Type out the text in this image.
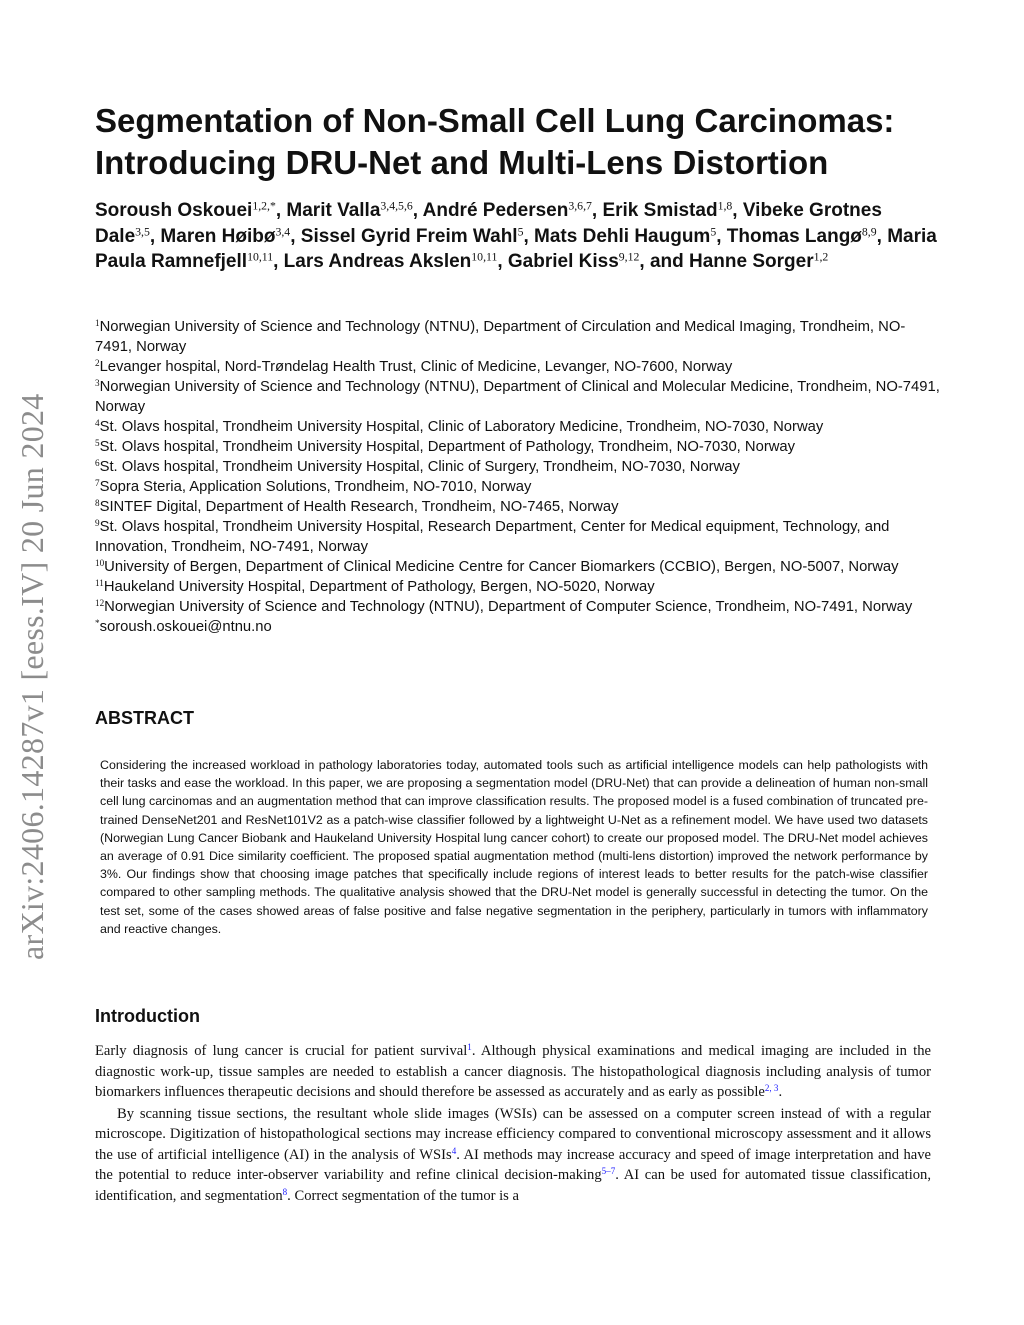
arXiv:2406.14287v1 [eess.IV] 20 Jun 2024
Segmentation of Non-Small Cell Lung Carcinomas:
Introducing DRU-Net and Multi-Lens Distortion
Soroush Oskouei$^{1,2,*}$, Marit Valla$^{3,4,5,6}$, André Pedersen$^{3,6,7}$, Erik Smistad$^{1,8}$, Vibeke Grotnes Dale$^{3,5}$, Maren Høibø$^{3,4}$, Sissel Gyrid Freim Wahl$^5$, Mats Dehli Haugum$^5$, Thomas Langø$^{8,9}$, Maria Paula Ramnefjell$^{10,11}$, Lars Andreas Akslen$^{10,11}$, Gabriel Kiss$^{9,12}$, and Hanne Sorger$^{1,2}$

$^1$Norwegian University of Science and Technology (NTNU), Department of Circulation and Medical Imaging, Trondheim, NO-7491, Norway

$^2$Levanger hospital, Nord-Trøndelag Health Trust, Clinic of Medicine, Levanger, NO-7600, Norway

$^3$Norwegian University of Science and Technology (NTNU), Department of Clinical and Molecular Medicine, Trondheim, NO-7491, Norway

$^4$St. Olavs hospital, Trondheim University Hospital, Clinic of Laboratory Medicine, Trondheim, NO-7030, Norway

$^5$St. Olavs hospital, Trondheim University Hospital, Department of Pathology, Trondheim, NO-7030, Norway

$^6$St. Olavs hospital, Trondheim University Hospital, Clinic of Surgery, Trondheim, NO-7030, Norway

$^7$Sopra Steria, Application Solutions, Trondheim, NO-7010, Norway

$^8$SINTEF Digital, Department of Health Research, Trondheim, NO-7465, Norway

$^9$St. Olavs hospital, Trondheim University Hospital, Research Department, Center for Medical equipment, Technology, and Innovation, Trondheim, NO-7491, Norway

$^{10}$University of Bergen, Department of Clinical Medicine Centre for Cancer Biomarkers (CCBIO), Bergen, NO-5007, Norway

$^{11}$Haukeland University Hospital, Department of Pathology, Bergen, NO-5020, Norway

$^{12}$Norwegian University of Science and Technology (NTNU), Department of Computer Science, Trondheim, NO-7491, Norway

*soroush.oskouei@ntnu.no

ABSTRACT

Considering the increased workload in pathology laboratories today, automated tools such as artificial intelligence models can help pathologists with their tasks and ease the workload. In this paper, we are proposing a segmentation model (DRU-Net) that can provide a delineation of human non-small cell lung carcinomas and an augmentation method that can improve classification results. The proposed model is a fused combination of truncated pre-trained DenseNet201 and ResNet101V2 as a patch-wise classifier followed by a lightweight U-Net as a refinement model. We have used two datasets (Norwegian Lung Cancer Biobank and Haukeland University Hospital lung cancer cohort) to create our proposed model. The DRU-Net model achieves an average of 0.91 Dice similarity coefficient. The proposed spatial augmentation method (multi-lens distortion) improved the network performance by 3%. Our findings show that choosing image patches that specifically include regions of interest leads to better results for the patch-wise classifier compared to other sampling methods. The qualitative analysis showed that the DRU-Net model is generally successful in detecting the tumor. On the test set, some of the cases showed areas of false positive and false negative segmentation in the periphery, particularly in tumors with inflammatory and reactive changes.

Introduction

Early diagnosis of lung cancer is crucial for patient survival$^1$. Although physical examinations and medical imaging are included in the diagnostic work-up, tissue samples are needed to establish a cancer diagnosis. The histopathological diagnosis including analysis of tumor biomarkers influences therapeutic decisions and should therefore be assessed as accurately and as early as possible$^{2, 3}$.

By scanning tissue sections, the resultant whole slide images (WSIs) can be assessed on a computer screen instead of with a regular microscope. Digitization of histopathological sections may increase efficiency compared to conventional microscopy assessment and it allows the use of artificial intelligence (AI) in the analysis of WSIs$^4$. AI methods may increase accuracy and speed of image interpretation and have the potential to reduce inter-observer variability and refine clinical decision-making$^{5-7}$. AI can be used for automated tissue classification, identification, and segmentation$^8$. Correct segmentation of the tumor is a
